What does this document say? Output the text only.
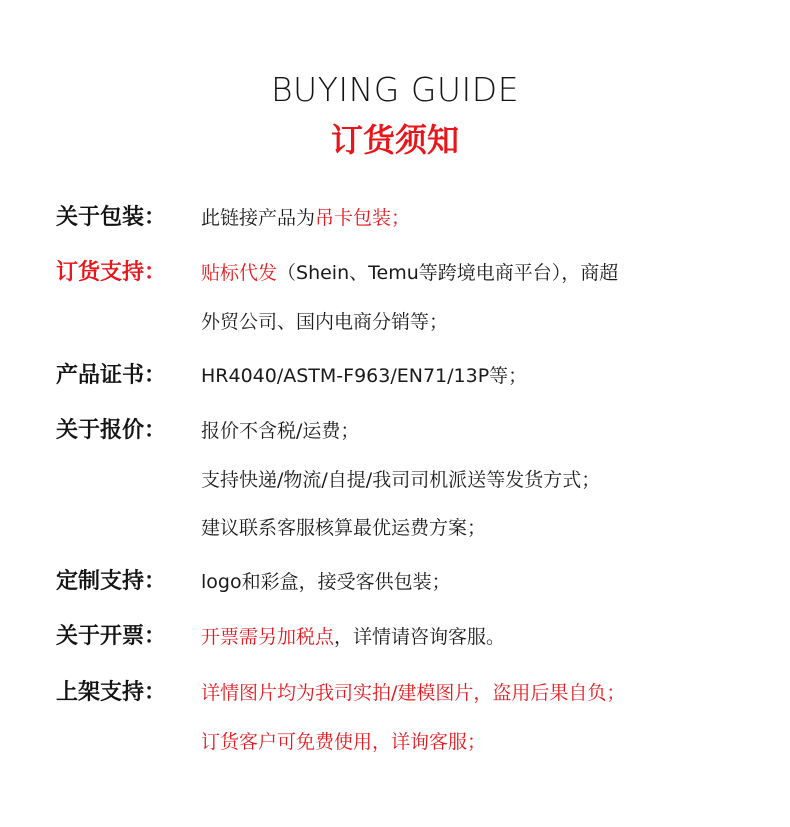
BUYING GUIDE
订货须知
关于包装：	此链接产品为吊卡包装；
订货支持：	贴标代发（Shein、Temu等跨境电商平台），商超
外贸公司、国内电商分销等；
产品证书：	HR4040/ASTM-F963/EN71/13P等；
关于报价：	报价不含税/运费；
支持快递/物流/自提/我司司机派送等发货方式；
建议联系客服核算最优运费方案；
定制支持：	logo和彩盒，接受客供包装；
关于开票：	开票需另加税点，详情请咨询客服。
上架支持：	详情图片均为我司实拍/建模图片，盗用后果自负；
订货客户可免费使用，详询客服；
